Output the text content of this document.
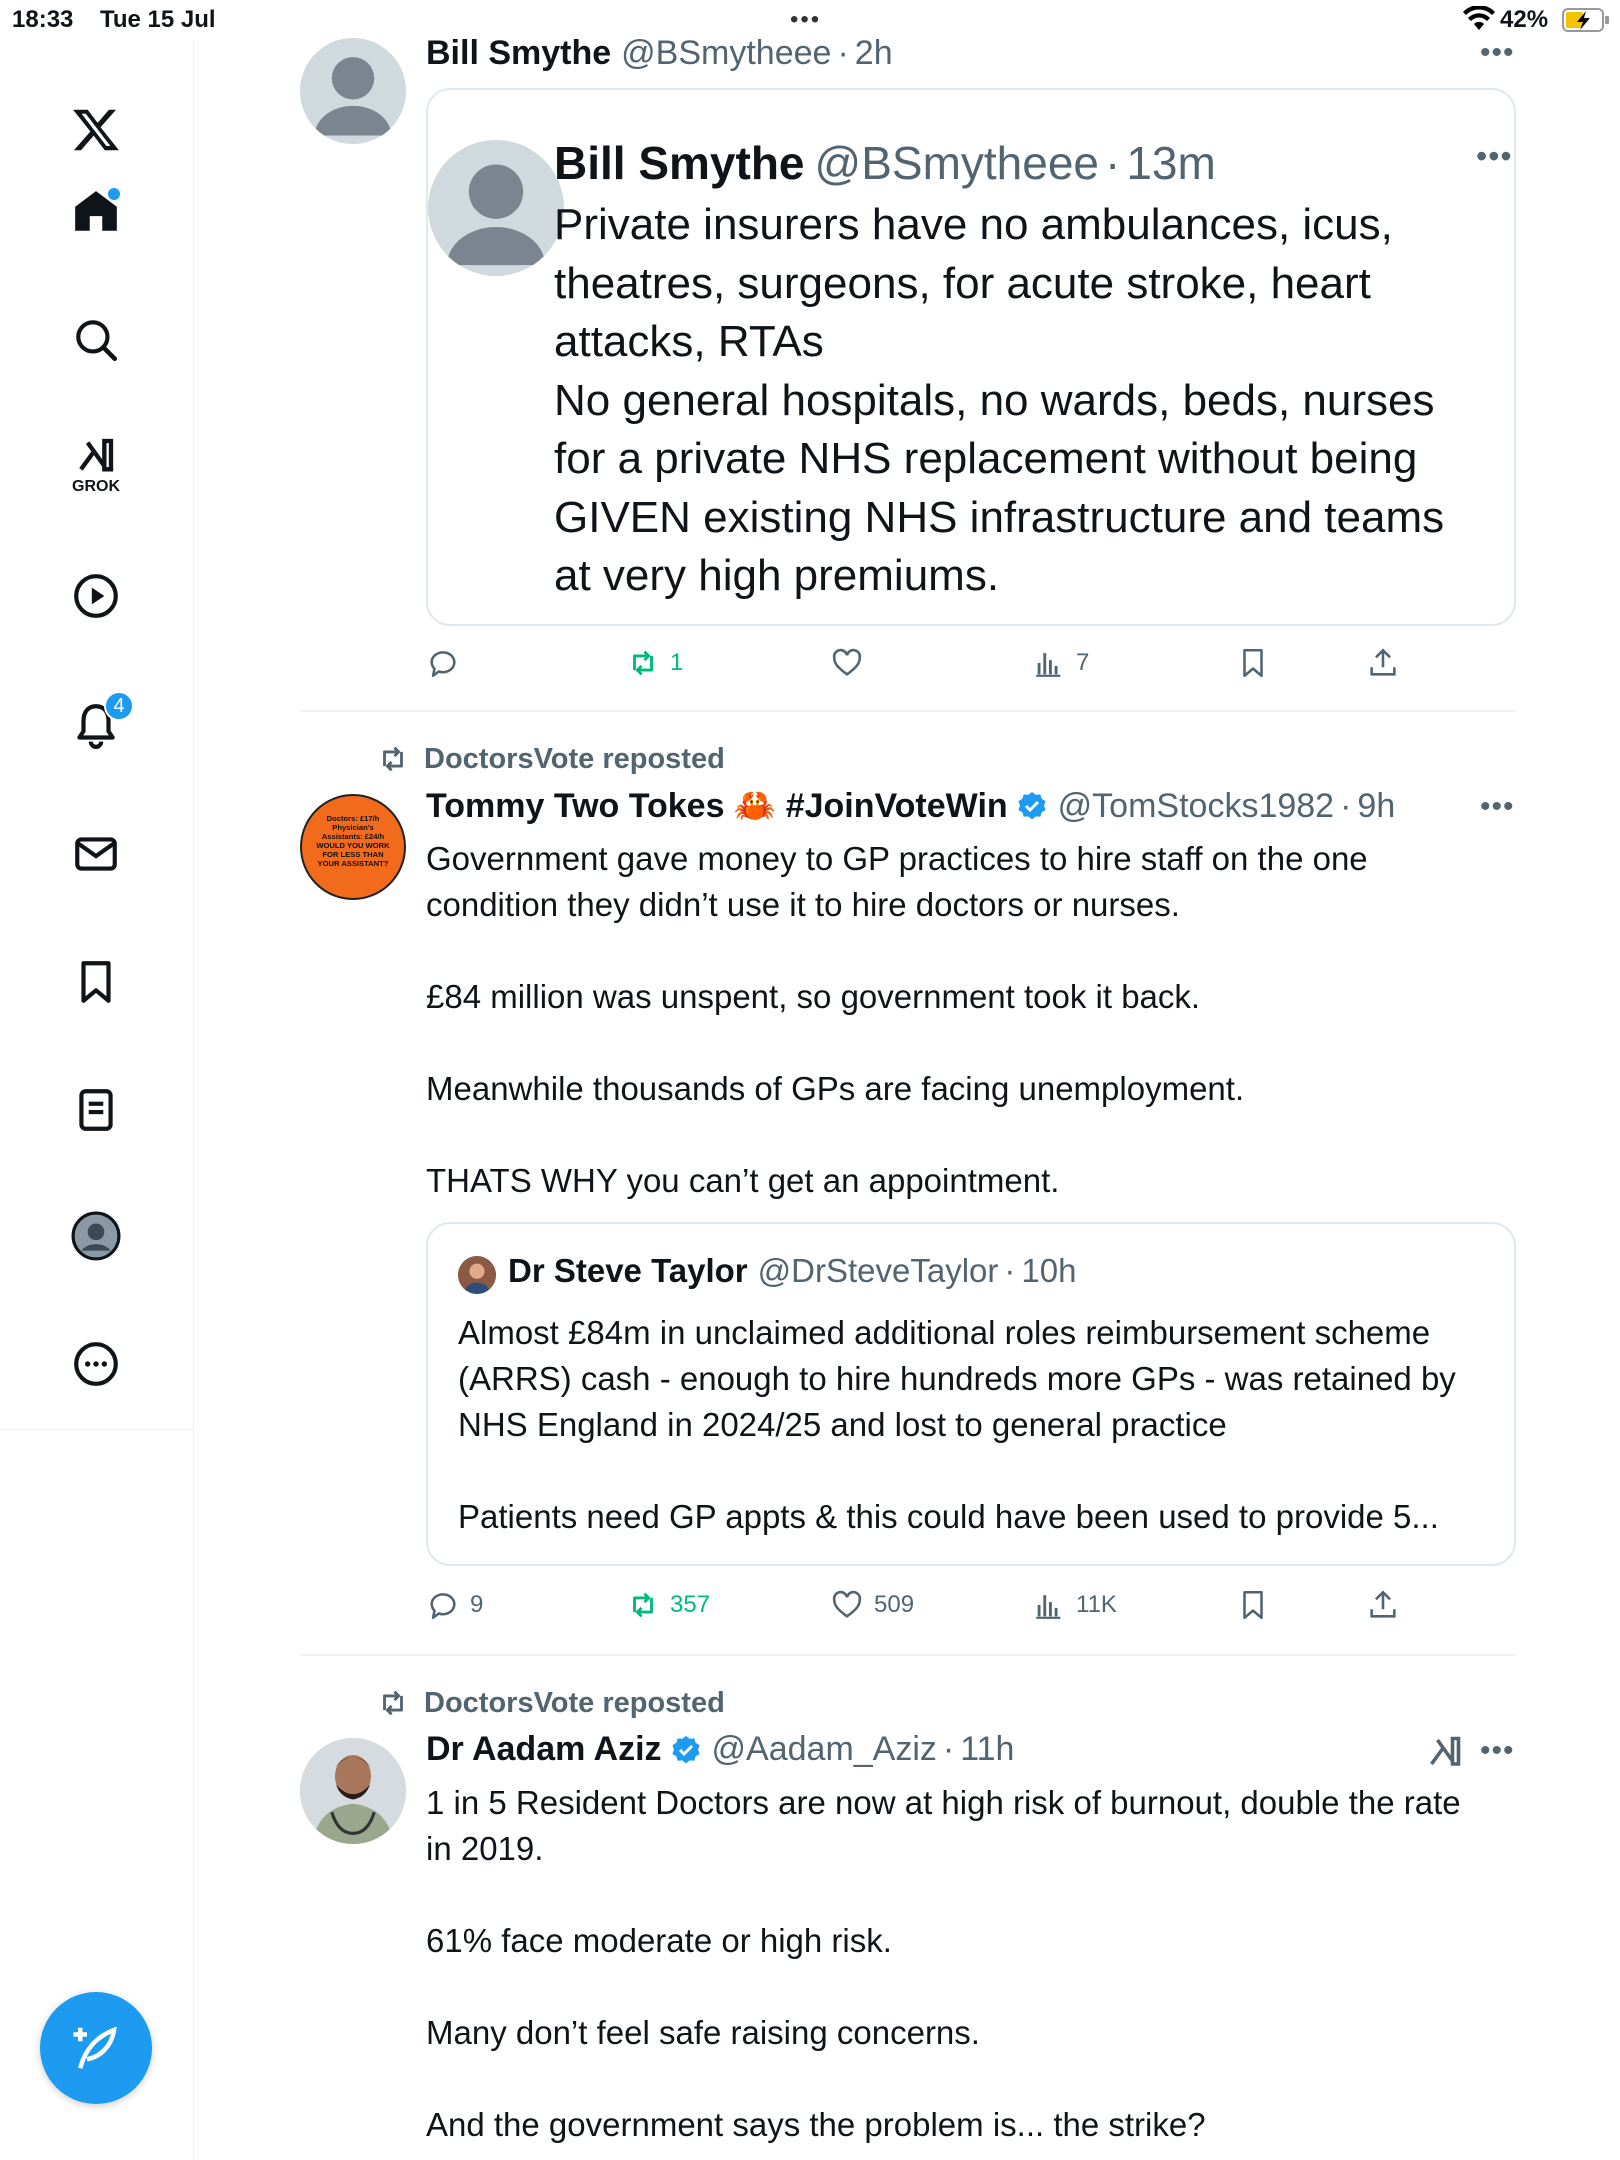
18:33 Tue 15 Jul	•••	42%
GROK
4
Bill Smythe @BSmytheee · 2h	•••
Bill Smythe @BSmytheee · 13m	•••
Private insurers have no ambulances, icus,
theatres, surgeons, for acute stroke, heart
attacks, RTAs
No general hospitals, no wards, beds, nurses
for a private NHS replacement without being
GIVEN existing NHS infrastructure and teams
at very high premiums.
1	7
DoctorsVote reposted
Doctors: £17/h Physician's Assistants: £24/h WOULD YOU WORK FOR LESS THAN YOUR ASSISTANT?
Tommy Two Tokes 🦀 #JoinVoteWin @TomStocks1982 · 9h	•••
Government gave money to GP practices to hire staff on the one
condition they didn’t use it to hire doctors or nurses.

£84 million was unspent, so government took it back.

Meanwhile thousands of GPs are facing unemployment.

THATS WHY you can’t get an appointment.
Dr Steve Taylor @DrSteveTaylor · 10h
Almost £84m in unclaimed additional roles reimbursement scheme
(ARRS) cash - enough to hire hundreds more GPs - was retained by
NHS England in 2024/25 and lost to general practice

Patients need GP appts & this could have been used to provide 5...
9	357	509	11K
DoctorsVote reposted
Dr Aadam Aziz @Aadam_Aziz · 11h	•••
1 in 5 Resident Doctors are now at high risk of burnout, double the rate
in 2019.

61% face moderate or high risk.

Many don’t feel safe raising concerns.

And the government says the problem is... the strike?
